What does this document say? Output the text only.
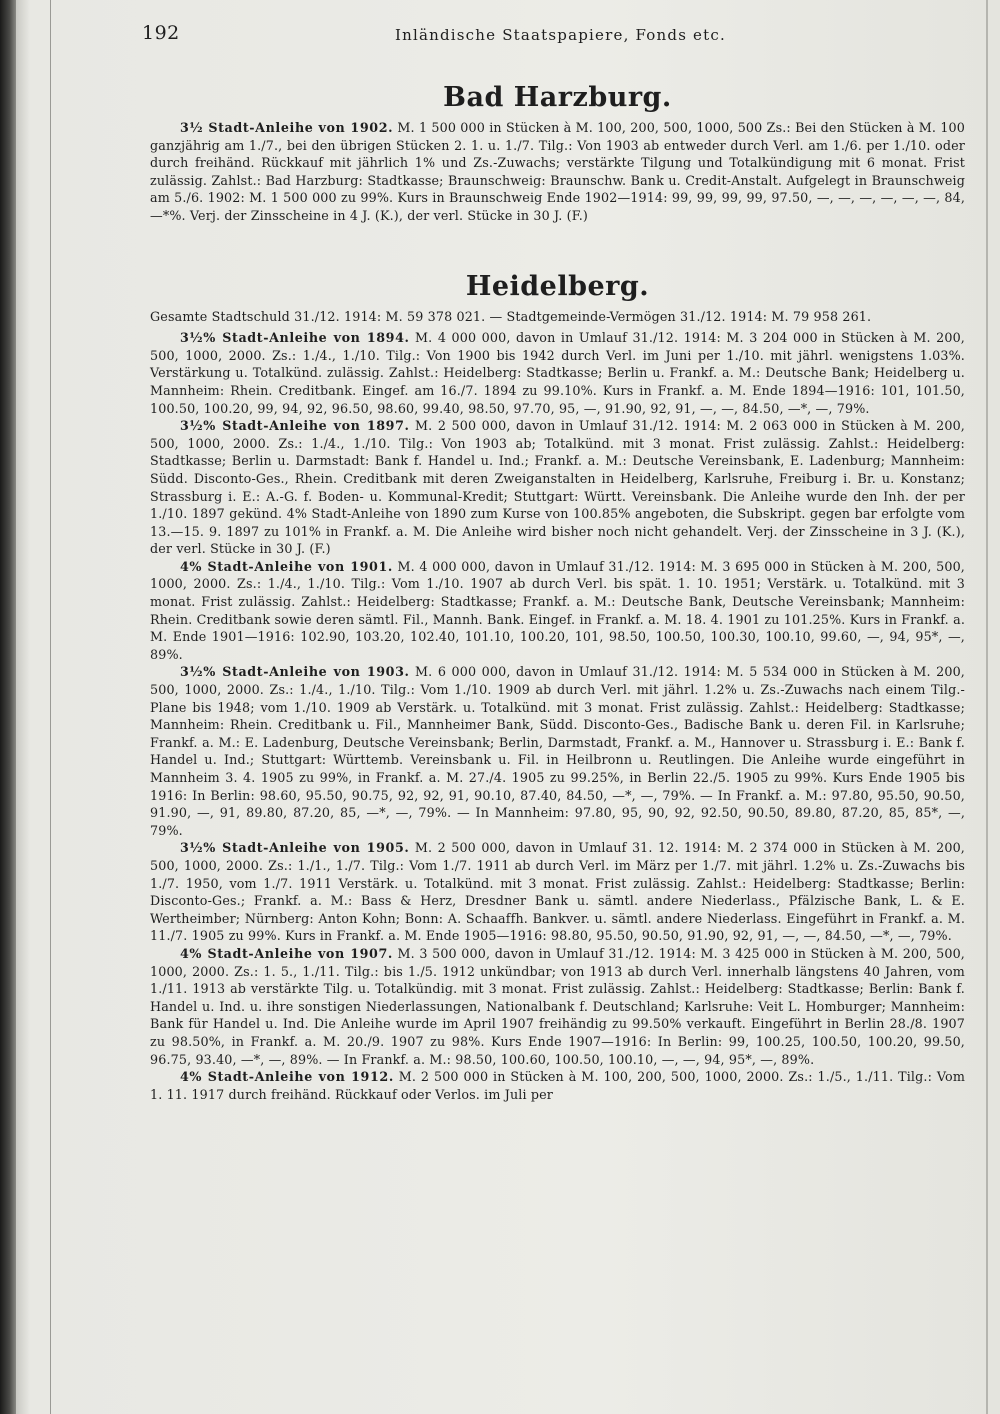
192	Inländische Staatspapiere, Fonds etc.
Bad Harzburg.

3½ Stadt-Anleihe von 1902. M. 1 500 000 in Stücken à M. 100, 200, 500, 1000, 500 Zs.: Bei den Stücken à M. 100 ganzjährig am 1./7., bei den übrigen Stücken 2. 1. u. 1./7. Tilg.: Von 1903 ab entweder durch Verl. am 1./6. per 1./10. oder durch freihänd. Rückkauf mit jährlich 1% und Zs.-Zuwachs; verstärkte Tilgung und Totalkündigung mit 6 monat. Frist zulässig. Zahlst.: Bad Harzburg: Stadtkasse; Braunschweig: Braunschw. Bank u. Credit-Anstalt. Aufgelegt in Braunschweig am 5./6. 1902: M. 1 500 000 zu 99%. Kurs in Braunschweig Ende 1902—1914: 99, 99, 99, 99, 97.50, —, —, —, —, —, —, 84, —*%. Verj. der Zinsscheine in 4 J. (K.), der verl. Stücke in 30 J. (F.)

Heidelberg.

Gesamte Stadtschuld 31./12. 1914: M. 59 378 021. — Stadtgemeinde-Vermögen 31./12. 1914: M. 79 958 261.

3½% Stadt-Anleihe von 1894. M. 4 000 000, davon in Umlauf 31./12. 1914: M. 3 204 000 in Stücken à M. 200, 500, 1000, 2000. Zs.: 1./4., 1./10. Tilg.: Von 1900 bis 1942 durch Verl. im Juni per 1./10. mit jährl. wenigstens 1.03%. Verstärkung u. Totalkünd. zulässig. Zahlst.: Heidelberg: Stadtkasse; Berlin u. Frankf. a. M.: Deutsche Bank; Heidelberg u. Mannheim: Rhein. Creditbank. Eingef. am 16./7. 1894 zu 99.10%. Kurs in Frankf. a. M. Ende 1894—1916: 101, 101.50, 100.50, 100.20, 99, 94, 92, 96.50, 98.60, 99.40, 98.50, 97.70, 95, —, 91.90, 92, 91, —, —, 84.50, —*, —, 79%.

3½% Stadt-Anleihe von 1897. M. 2 500 000, davon in Umlauf 31./12. 1914: M. 2 063 000 in Stücken à M. 200, 500, 1000, 2000. Zs.: 1./4., 1./10. Tilg.: Von 1903 ab; Totalkünd. mit 3 monat. Frist zulässig. Zahlst.: Heidelberg: Stadtkasse; Berlin u. Darmstadt: Bank f. Handel u. Ind.; Frankf. a. M.: Deutsche Vereinsbank, E. Ladenburg; Mannheim: Südd. Disconto-Ges., Rhein. Creditbank mit deren Zweiganstalten in Heidelberg, Karlsruhe, Freiburg i. Br. u. Konstanz; Strassburg i. E.: A.-G. f. Boden- u. Kommunal-Kredit; Stuttgart: Württ. Vereinsbank. Die Anleihe wurde den Inh. der per 1./10. 1897 gekünd. 4% Stadt-Anleihe von 1890 zum Kurse von 100.85% angeboten, die Subskript. gegen bar erfolgte vom 13.—15. 9. 1897 zu 101% in Frankf. a. M. Die Anleihe wird bisher noch nicht gehandelt. Verj. der Zinsscheine in 3 J. (K.), der verl. Stücke in 30 J. (F.)

4% Stadt-Anleihe von 1901. M. 4 000 000, davon in Umlauf 31./12. 1914: M. 3 695 000 in Stücken à M. 200, 500, 1000, 2000. Zs.: 1./4., 1./10. Tilg.: Vom 1./10. 1907 ab durch Verl. bis spät. 1. 10. 1951; Verstärk. u. Totalkünd. mit 3 monat. Frist zulässig. Zahlst.: Heidelberg: Stadtkasse; Frankf. a. M.: Deutsche Bank, Deutsche Vereinsbank; Mannheim: Rhein. Creditbank sowie deren sämtl. Fil., Mannh. Bank. Eingef. in Frankf. a. M. 18. 4. 1901 zu 101.25%. Kurs in Frankf. a. M. Ende 1901—1916: 102.90, 103.20, 102.40, 101.10, 100.20, 101, 98.50, 100.50, 100.30, 100.10, 99.60, —, 94, 95*, —, 89%.

3½% Stadt-Anleihe von 1903. M. 6 000 000, davon in Umlauf 31./12. 1914: M. 5 534 000 in Stücken à M. 200, 500, 1000, 2000. Zs.: 1./4., 1./10. Tilg.: Vom 1./10. 1909 ab durch Verl. mit jährl. 1.2% u. Zs.-Zuwachs nach einem Tilg.-Plane bis 1948; vom 1./10. 1909 ab Verstärk. u. Totalkünd. mit 3 monat. Frist zulässig. Zahlst.: Heidelberg: Stadtkasse; Mannheim: Rhein. Creditbank u. Fil., Mannheimer Bank, Südd. Disconto-Ges., Badische Bank u. deren Fil. in Karlsruhe; Frankf. a. M.: E. Ladenburg, Deutsche Vereinsbank; Berlin, Darmstadt, Frankf. a. M., Hannover u. Strassburg i. E.: Bank f. Handel u. Ind.; Stuttgart: Württemb. Vereinsbank u. Fil. in Heilbronn u. Reutlingen. Die Anleihe wurde eingeführt in Mannheim 3. 4. 1905 zu 99%, in Frankf. a. M. 27./4. 1905 zu 99.25%, in Berlin 22./5. 1905 zu 99%. Kurs Ende 1905 bis 1916: In Berlin: 98.60, 95.50, 90.75, 92, 92, 91, 90.10, 87.40, 84.50, —*, —, 79%. — In Frankf. a. M.: 97.80, 95.50, 90.50, 91.90, —, 91, 89.80, 87.20, 85, —*, —, 79%. — In Mannheim: 97.80, 95, 90, 92, 92.50, 90.50, 89.80, 87.20, 85, 85*, —, 79%.

3½% Stadt-Anleihe von 1905. M. 2 500 000, davon in Umlauf 31. 12. 1914: M. 2 374 000 in Stücken à M. 200, 500, 1000, 2000. Zs.: 1./1., 1./7. Tilg.: Vom 1./7. 1911 ab durch Verl. im März per 1./7. mit jährl. 1.2% u. Zs.-Zuwachs bis 1./7. 1950, vom 1./7. 1911 Verstärk. u. Totalkünd. mit 3 monat. Frist zulässig. Zahlst.: Heidelberg: Stadtkasse; Berlin: Disconto-Ges.; Frankf. a. M.: Bass & Herz, Dresdner Bank u. sämtl. andere Niederlass., Pfälzische Bank, L. & E. Wertheimber; Nürnberg: Anton Kohn; Bonn: A. Schaaffh. Bankver. u. sämtl. andere Niederlass. Eingeführt in Frankf. a. M. 11./7. 1905 zu 99%. Kurs in Frankf. a. M. Ende 1905—1916: 98.80, 95.50, 90.50, 91.90, 92, 91, —, —, 84.50, —*, —, 79%.

4% Stadt-Anleihe von 1907. M. 3 500 000, davon in Umlauf 31./12. 1914: M. 3 425 000 in Stücken à M. 200, 500, 1000, 2000. Zs.: 1. 5., 1./11. Tilg.: bis 1./5. 1912 unkündbar; von 1913 ab durch Verl. innerhalb längstens 40 Jahren, vom 1./11. 1913 ab verstärkte Tilg. u. Totalkündig. mit 3 monat. Frist zulässig. Zahlst.: Heidelberg: Stadtkasse; Berlin: Bank f. Handel u. Ind. u. ihre sonstigen Niederlassungen, Nationalbank f. Deutschland; Karlsruhe: Veit L. Homburger; Mannheim: Bank für Handel u. Ind. Die Anleihe wurde im April 1907 freihändig zu 99.50% verkauft. Eingeführt in Berlin 28./8. 1907 zu 98.50%, in Frankf. a. M. 20./9. 1907 zu 98%. Kurs Ende 1907—1916: In Berlin: 99, 100.25, 100.50, 100.20, 99.50, 96.75, 93.40, —*, —, 89%. — In Frankf. a. M.: 98.50, 100.60, 100.50, 100.10, —, —, 94, 95*, —, 89%.

4% Stadt-Anleihe von 1912. M. 2 500 000 in Stücken à M. 100, 200, 500, 1000, 2000. Zs.: 1./5., 1./11. Tilg.: Vom 1. 11. 1917 durch freihänd. Rückkauf oder Verlos. im Juli per
